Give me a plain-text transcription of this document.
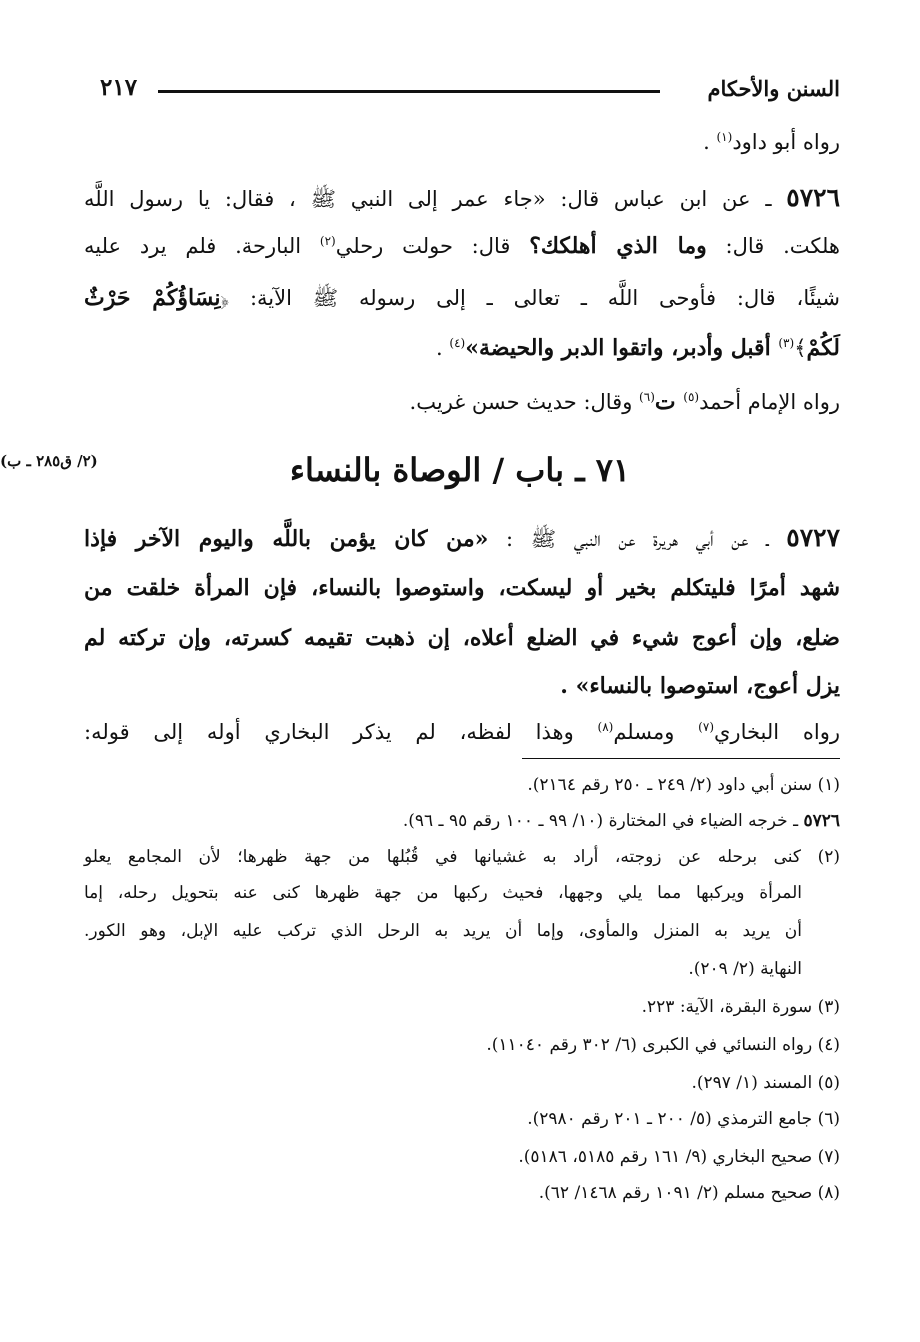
السنن والأحكام
٢١٧
رواه أبو داود$^{(١)}$ .
٥٧٢٦ ـ عن ابن عباس قال: «جاء عمر إلى النبي ﷺ ، فقال: يا رسول اللَّه
هلكت. قال: وما الذي أهلكك؟ قال: حولت رحلي$^{(٢)}$ البارحة. فلم يرد عليه
شيئًا، قال: فأوحى اللَّه ـ تعالى ـ إلى رسوله ﷺ الآية: ﴿نِسَاؤُكُمْ حَرْثٌ
لَكُمْ﴾$^{(٣)}$ أقبل وأدبر، واتقوا الدبر والحيضة»$^{(٤)}$ .
رواه الإمام أحمد$^{(٥)}$ ت$^{(٦)}$ وقال: حديث حسن غريب.
٧١ ـ باب / الوصاة بالنساء
(٢/ ق٢٨٥ ـ ب)
٥٧٢٧ ـ عن أبي هريرة عن النبي ﷺ : «من كان يؤمن باللَّه واليوم الآخر فإذا
شهد أمرًا فليتكلم بخير أو ليسكت، واستوصوا بالنساء، فإن المرأة خلقت من
ضلع، وإن أعوج شيء في الضلع أعلاه، إن ذهبت تقيمه كسرته، وإن تركته لم
يزل أعوج، استوصوا بالنساء» .
رواه البخاري$^{(٧)}$ ومسلم$^{(٨)}$ وهذا لفظه، لم يذكر البخاري أوله إلى قوله:
(١) سنن أبي داود (٢/ ٢٤٩ ـ ٢٥٠ رقم ٢١٦٤).
٥٧٢٦ ـ خرجه الضياء في المختارة (١٠/ ٩٩ ـ ١٠٠ رقم ٩٥ ـ ٩٦).
(٢) كنى برحله عن زوجته، أراد به غشيانها في قُبُلها من جهة ظهرها؛ لأن المجامع يعلو
المرأة ويركبها مما يلي وجهها، فحيث ركبها من جهة ظهرها كنى عنه بتحويل رحله، إما
أن يريد به المنزل والمأوى، وإما أن يريد به الرحل الذي تركب عليه الإبل، وهو الكور.
النهاية (٢/ ٢٠٩).
(٣) سورة البقرة، الآية: ٢٢٣.
(٤) رواه النسائي في الكبرى (٦/ ٣٠٢ رقم ١١٠٤٠).
(٥) المسند (١/ ٢٩٧).
(٦) جامع الترمذي (٥/ ٢٠٠ ـ ٢٠١ رقم ٢٩٨٠).
(٧) صحيح البخاري (٩/ ١٦١ رقم ٥١٨٥، ٥١٨٦).
(٨) صحيح مسلم (٢/ ١٠٩١ رقم ١٤٦٨/ ٦٢).
